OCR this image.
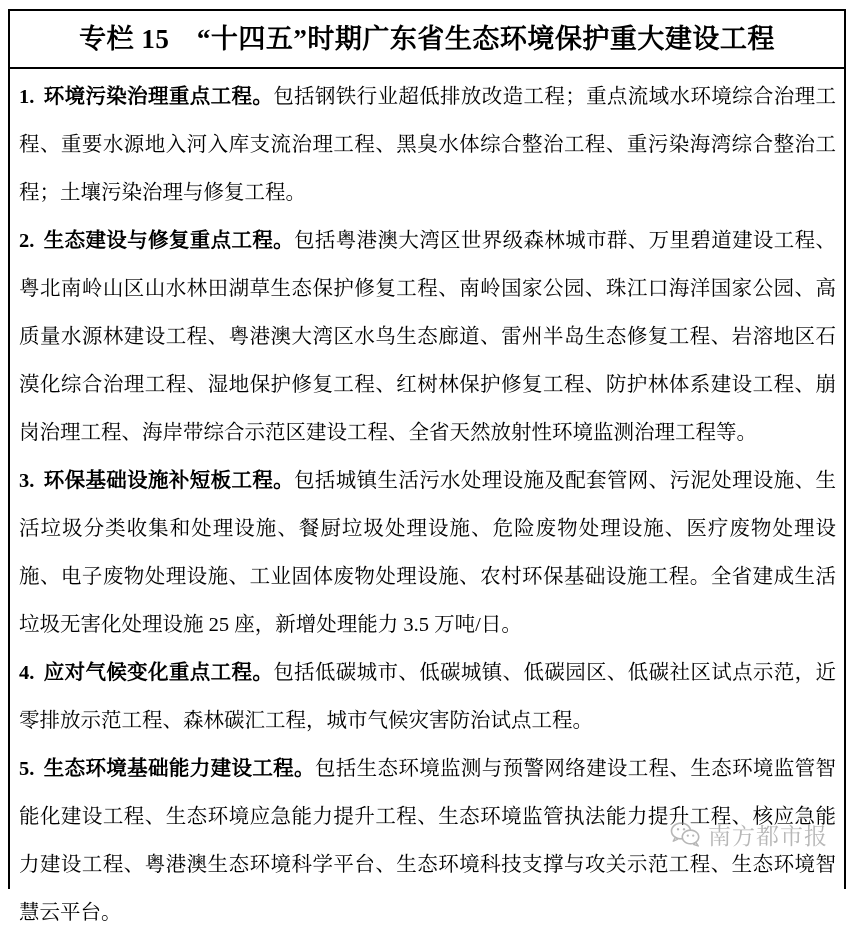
专栏 15　“十四五”时期广东省生态环境保护重大建设工程

1. 环境污染治理重点工程。包括钢铁行业超低排放改造工程；重点流域水环境综合治理工程、重要水源地入河入库支流治理工程、黑臭水体综合整治工程、重污染海湾综合整治工程；土壤污染治理与修复工程。

2. 生态建设与修复重点工程。包括粤港澳大湾区世界级森林城市群、万里碧道建设工程、粤北南岭山区山水林田湖草生态保护修复工程、南岭国家公园、珠江口海洋国家公园、高质量水源林建设工程、粤港澳大湾区水鸟生态廊道、雷州半岛生态修复工程、岩溶地区石漠化综合治理工程、湿地保护修复工程、红树林保护修复工程、防护林体系建设工程、崩岗治理工程、海岸带综合示范区建设工程、全省天然放射性环境监测治理工程等。

3. 环保基础设施补短板工程。包括城镇生活污水处理设施及配套管网、污泥处理设施、生活垃圾分类收集和处理设施、餐厨垃圾处理设施、危险废物处理设施、医疗废物处理设施、电子废物处理设施、工业固体废物处理设施、农村环保基础设施工程。全省建成生活垃圾无害化处理设施 25 座，新增处理能力 3.5 万吨/日。

4. 应对气候变化重点工程。包括低碳城市、低碳城镇、低碳园区、低碳社区试点示范，近零排放示范工程、森林碳汇工程，城市气候灾害防治试点工程。

5. 生态环境基础能力建设工程。包括生态环境监测与预警网络建设工程、生态环境监管智能化建设工程、生态环境应急能力提升工程、生态环境监管执法能力提升工程、核应急能力建设工程、粤港澳生态环境科学平台、生态环境科技支撑与攻关示范工程、生态环境智慧云平台。

南方都市报
